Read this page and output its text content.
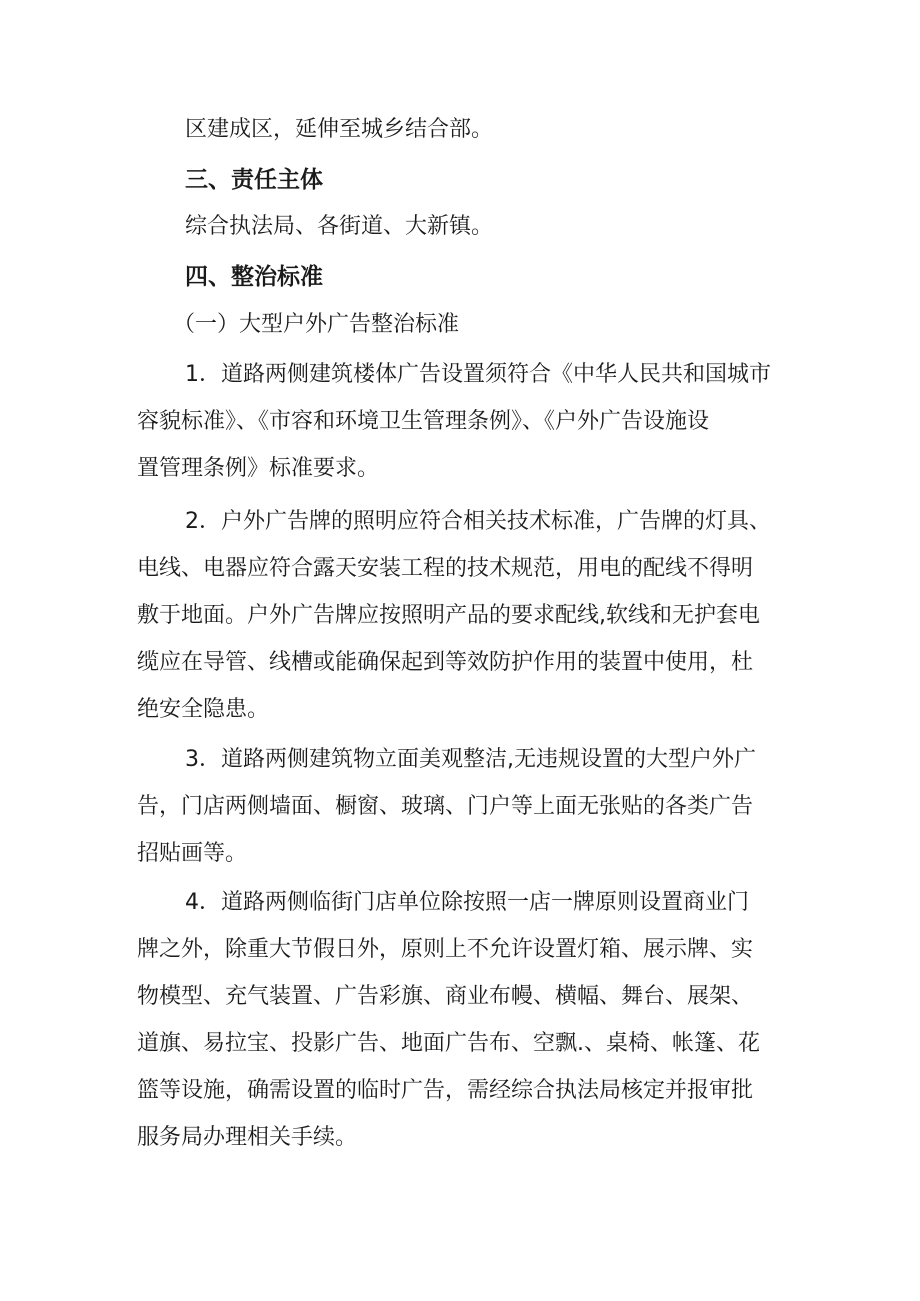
区建成区，延伸至城乡结合部。

三、责任主体

综合执法局、各街道、大新镇。

四、整治标准

（一）大型户外广告整治标准

1．道路两侧建筑楼体广告设置须符合《中华人民共和国城市

容貌标准》、《市容和环境卫生管理条例》、《户外广告设施设

置管理条例》标准要求。

2．户外广告牌的照明应符合相关技术标准，广告牌的灯具、

电线、电器应符合露天安装工程的技术规范，用电的配线不得明

敷于地面。户外广告牌应按照明产品的要求配线,软线和无护套电

缆应在导管、线槽或能确保起到等效防护作用的装置中使用，杜

绝安全隐患。

3．道路两侧建筑物立面美观整洁,无违规设置的大型户外广

告，门店两侧墙面、橱窗、玻璃、门户等上面无张贴的各类广告

招贴画等。

4．道路两侧临街门店单位除按照一店一牌原则设置商业门

牌之外，除重大节假日外，原则上不允许设置灯箱、展示牌、实

物模型、充气装置、广告彩旗、商业布幔、横幅、舞台、展架、

道旗、易拉宝、投影广告、地面广告布、空飘.、桌椅、帐篷、花

篮等设施，确需设置的临时广告，需经综合执法局核定并报审批

服务局办理相关手续。
